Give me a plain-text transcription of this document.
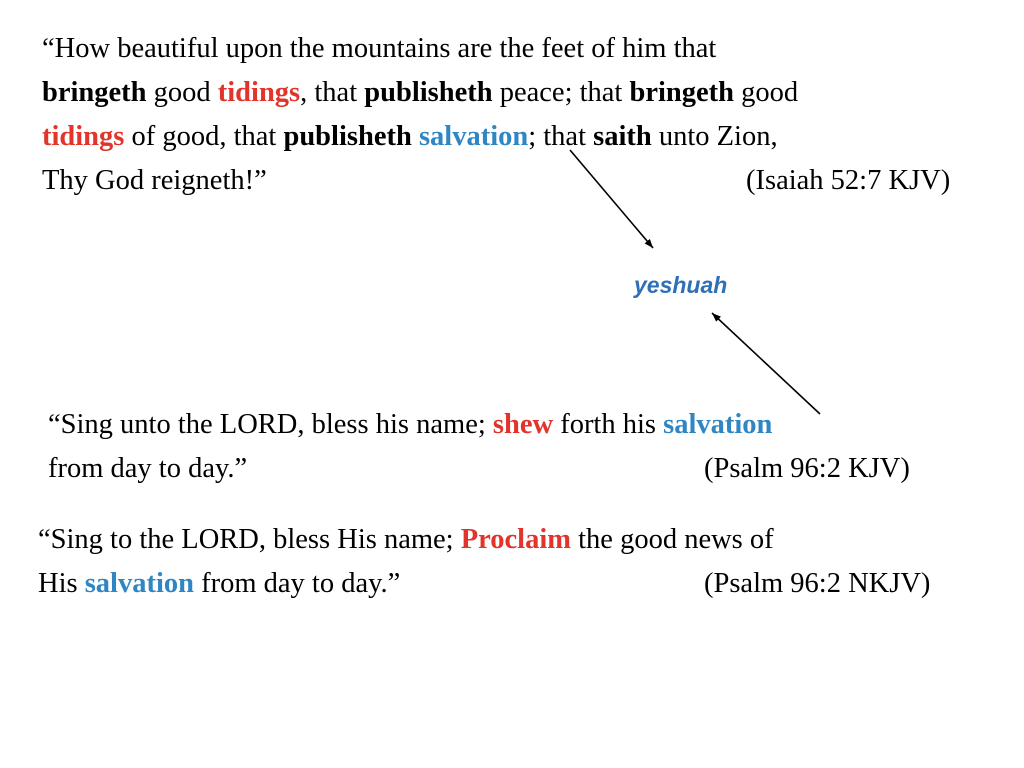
“How beautiful upon the mountains are the feet of him that
bringeth good tidings, that publisheth peace; that bringeth good
tidings of good, that publisheth salvation; that saith unto Zion,
Thy God reigneth!”	(Isaiah 52:7 KJV)
yeshuah
“Sing unto the LORD, bless his name; shew forth his salvation
from day to day.”	(Psalm 96:2 KJV)
“Sing to the LORD, bless His name; Proclaim the good news of
His salvation from day to day.”	(Psalm 96:2 NKJV)
